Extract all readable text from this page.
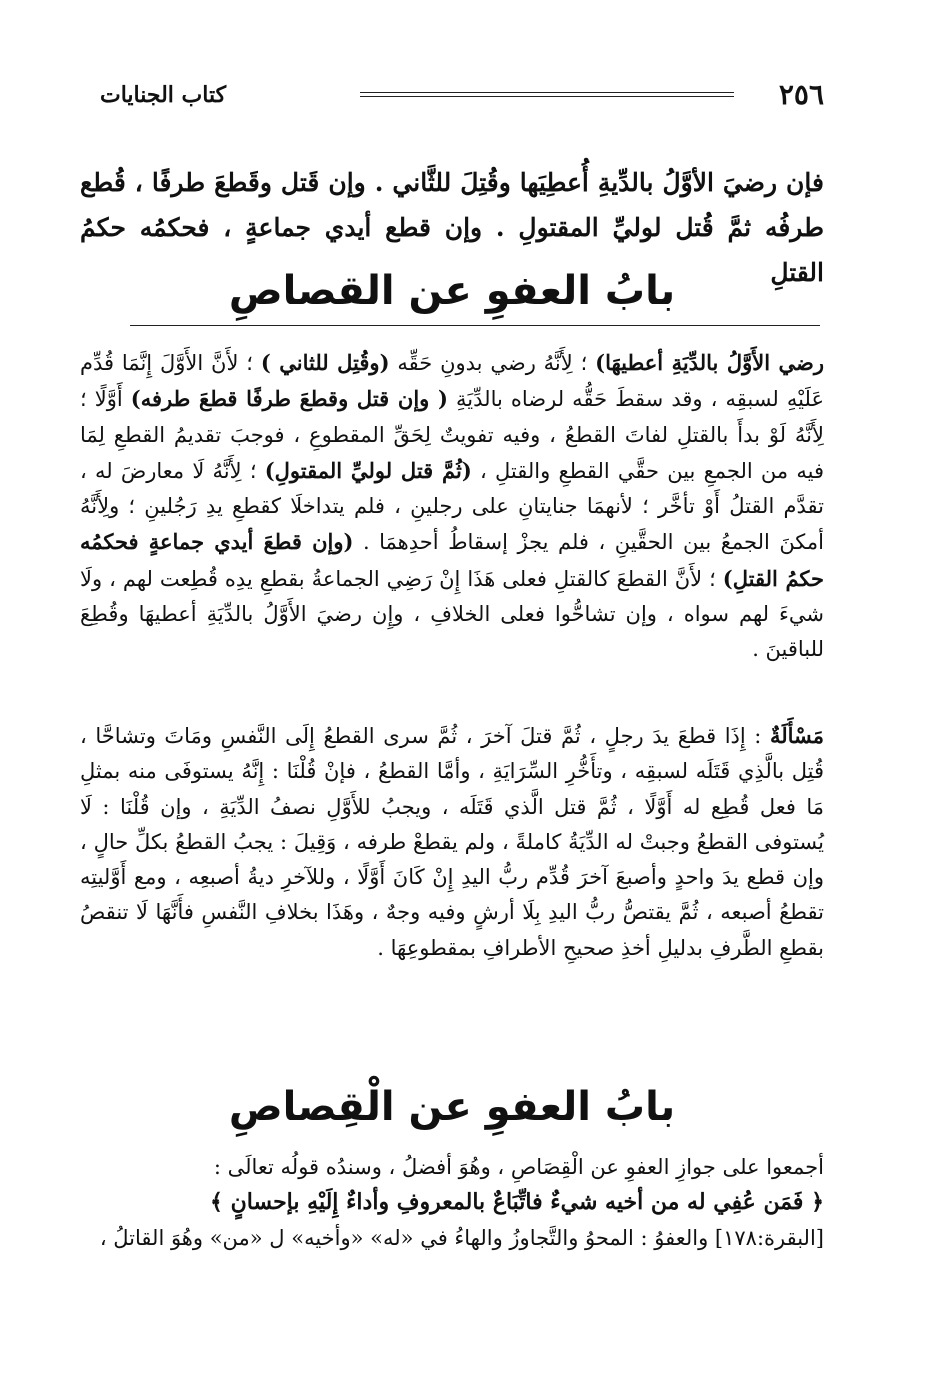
٢٥٦
كتاب الجنايات
فإن رضيَ الأوَّلُ بالدِّيةِ أُعطِيَها وقُتِلَ للثَّاني . وإن قَتل وقَطعَ طرفًا ، قُطع طرفُه ثمَّ قُتل لوليِّ المقتولِ . وإن قطع أيدي جماعةٍ ، فحكمُه حكمُ القتلِ
بابُ العفوِ عن القصاصِ
رضي الأَوَّلُ بالدِّيَةِ أعطيهَا) ؛ لِأَنَّهُ رضي بدونِ حَقِّه (وقُتِل للثاني ) ؛ لأَنَّ الأَوَّلَ إِنَّمَا قُدِّم عَلَيْهِ لسبقِه ، وقد سقطَ حَقُّه لرضاه بالدِّيَةِ ( وإن قتل وقطعَ طرفًا قطعَ طرفه) أَوَّلًا ؛ لِأَنَّهُ لَوْ بدأَ بالقتلِ لفاتَ القطعُ ، وفيه تفويتٌ لِحَقِّ المقطوعِ ، فوجبَ تقديمُ القطعِ لِمَا فيه من الجمعِ بين حقَّي القطعِ والقتلِ ، (ثُمَّ قتل لوليِّ المقتولِ) ؛ لِأَنَّهُ لَا معارضَ له ، تقدَّم القتلُ أَوْ تأخَّر ؛ لأنهمَا جنايتانِ على رجلينِ ، فلم يتداخلَا كقطعِ يدِ رَجُلينِ ؛ ولِأَنَّهُ أمكنَ الجمعُ بين الحقَّينِ ، فلم يجزْ إسقاطُ أحدِهمَا . (وإن قطعَ أيدي جماعةٍ فحكمُه حكمُ القتلِ) ؛ لأَنَّ القطعَ كالقتلِ فعلى هَذَا إِنْ رَضِي الجماعةُ بقطعِ يدِه قُطِعت لهم ، ولَا شيءَ لهم سواه ، وإن تشاحُّوا فعلى الخلافِ ، وإِن رضيَ الأَوَّلُ بالدِّيَةِ أعطيهَا وقُطِعَ للباقينَ .
مَسْأَلَةٌ : إِذَا قطعَ يدَ رجلٍ ، ثُمَّ قتلَ آخرَ ، ثُمَّ سرى القطعُ إِلَى النَّفسِ ومَاتَ وتشاحَّا ، قُتِل بالَّذِي قَتَلَه لسبقِه ، وتأَخُّرِ السِّرَايَةِ ، وأمَّا القطعُ ، فإنْ قُلْنَا : إِنَّهُ يستوفَى منه بمثلِ مَا فعل قُطِع له أَوَّلًا ، ثُمَّ قتل الَّذي قَتَلَه ، ويجبُ للأَوَّلِ نصفُ الدِّيَةِ ، وإن قُلْنَا : لَا يُستوفى القطعُ وجبتْ له الدِّيَةُ كاملةً ، ولم يقطعْ طرفه ، وَقِيلَ : يجبُ القطعُ بكلِّ حالٍ ، وإن قطع يدَ واحدٍ وأصبعَ آخرَ قُدِّم ربُّ اليدِ إِنْ كَانَ أَوَّلًا ، وللآخرِ ديةُ أصبعِه ، ومع أَوَّليتِه تقطعُ أصبعه ، ثُمَّ يقتصُّ ربُّ اليدِ بِلَا أرشٍ وفيه وجهٌ ، وهَذَا بخلافِ النَّفسِ فأَنَّهَا لَا تنقصُ بقطعِ الطَّرفِ بدليلِ أخذِ صحيحِ الأطرافِ بمقطوعِهَا .
بابُ العفوِ عن الْقِصاصِ
أجمعوا على جوازِ العفوِ عن الْقِصَاصِ ، وهُوَ أفضلُ ، وسندُه قولُه تعالَى :
﴿ فَمَن عُفِي له من أخيه شيءٌ فاتِّبَاعٌ بالمعروفِ وأداءٌ إِلَيْهِ بإحسانٍ ﴾
[البقرة:١٧٨] والعفوُ : المحوُ والتَّجاوزُ والهاءُ في «له» «وأخيه» ل «من» وهُوَ القاتلُ ،
